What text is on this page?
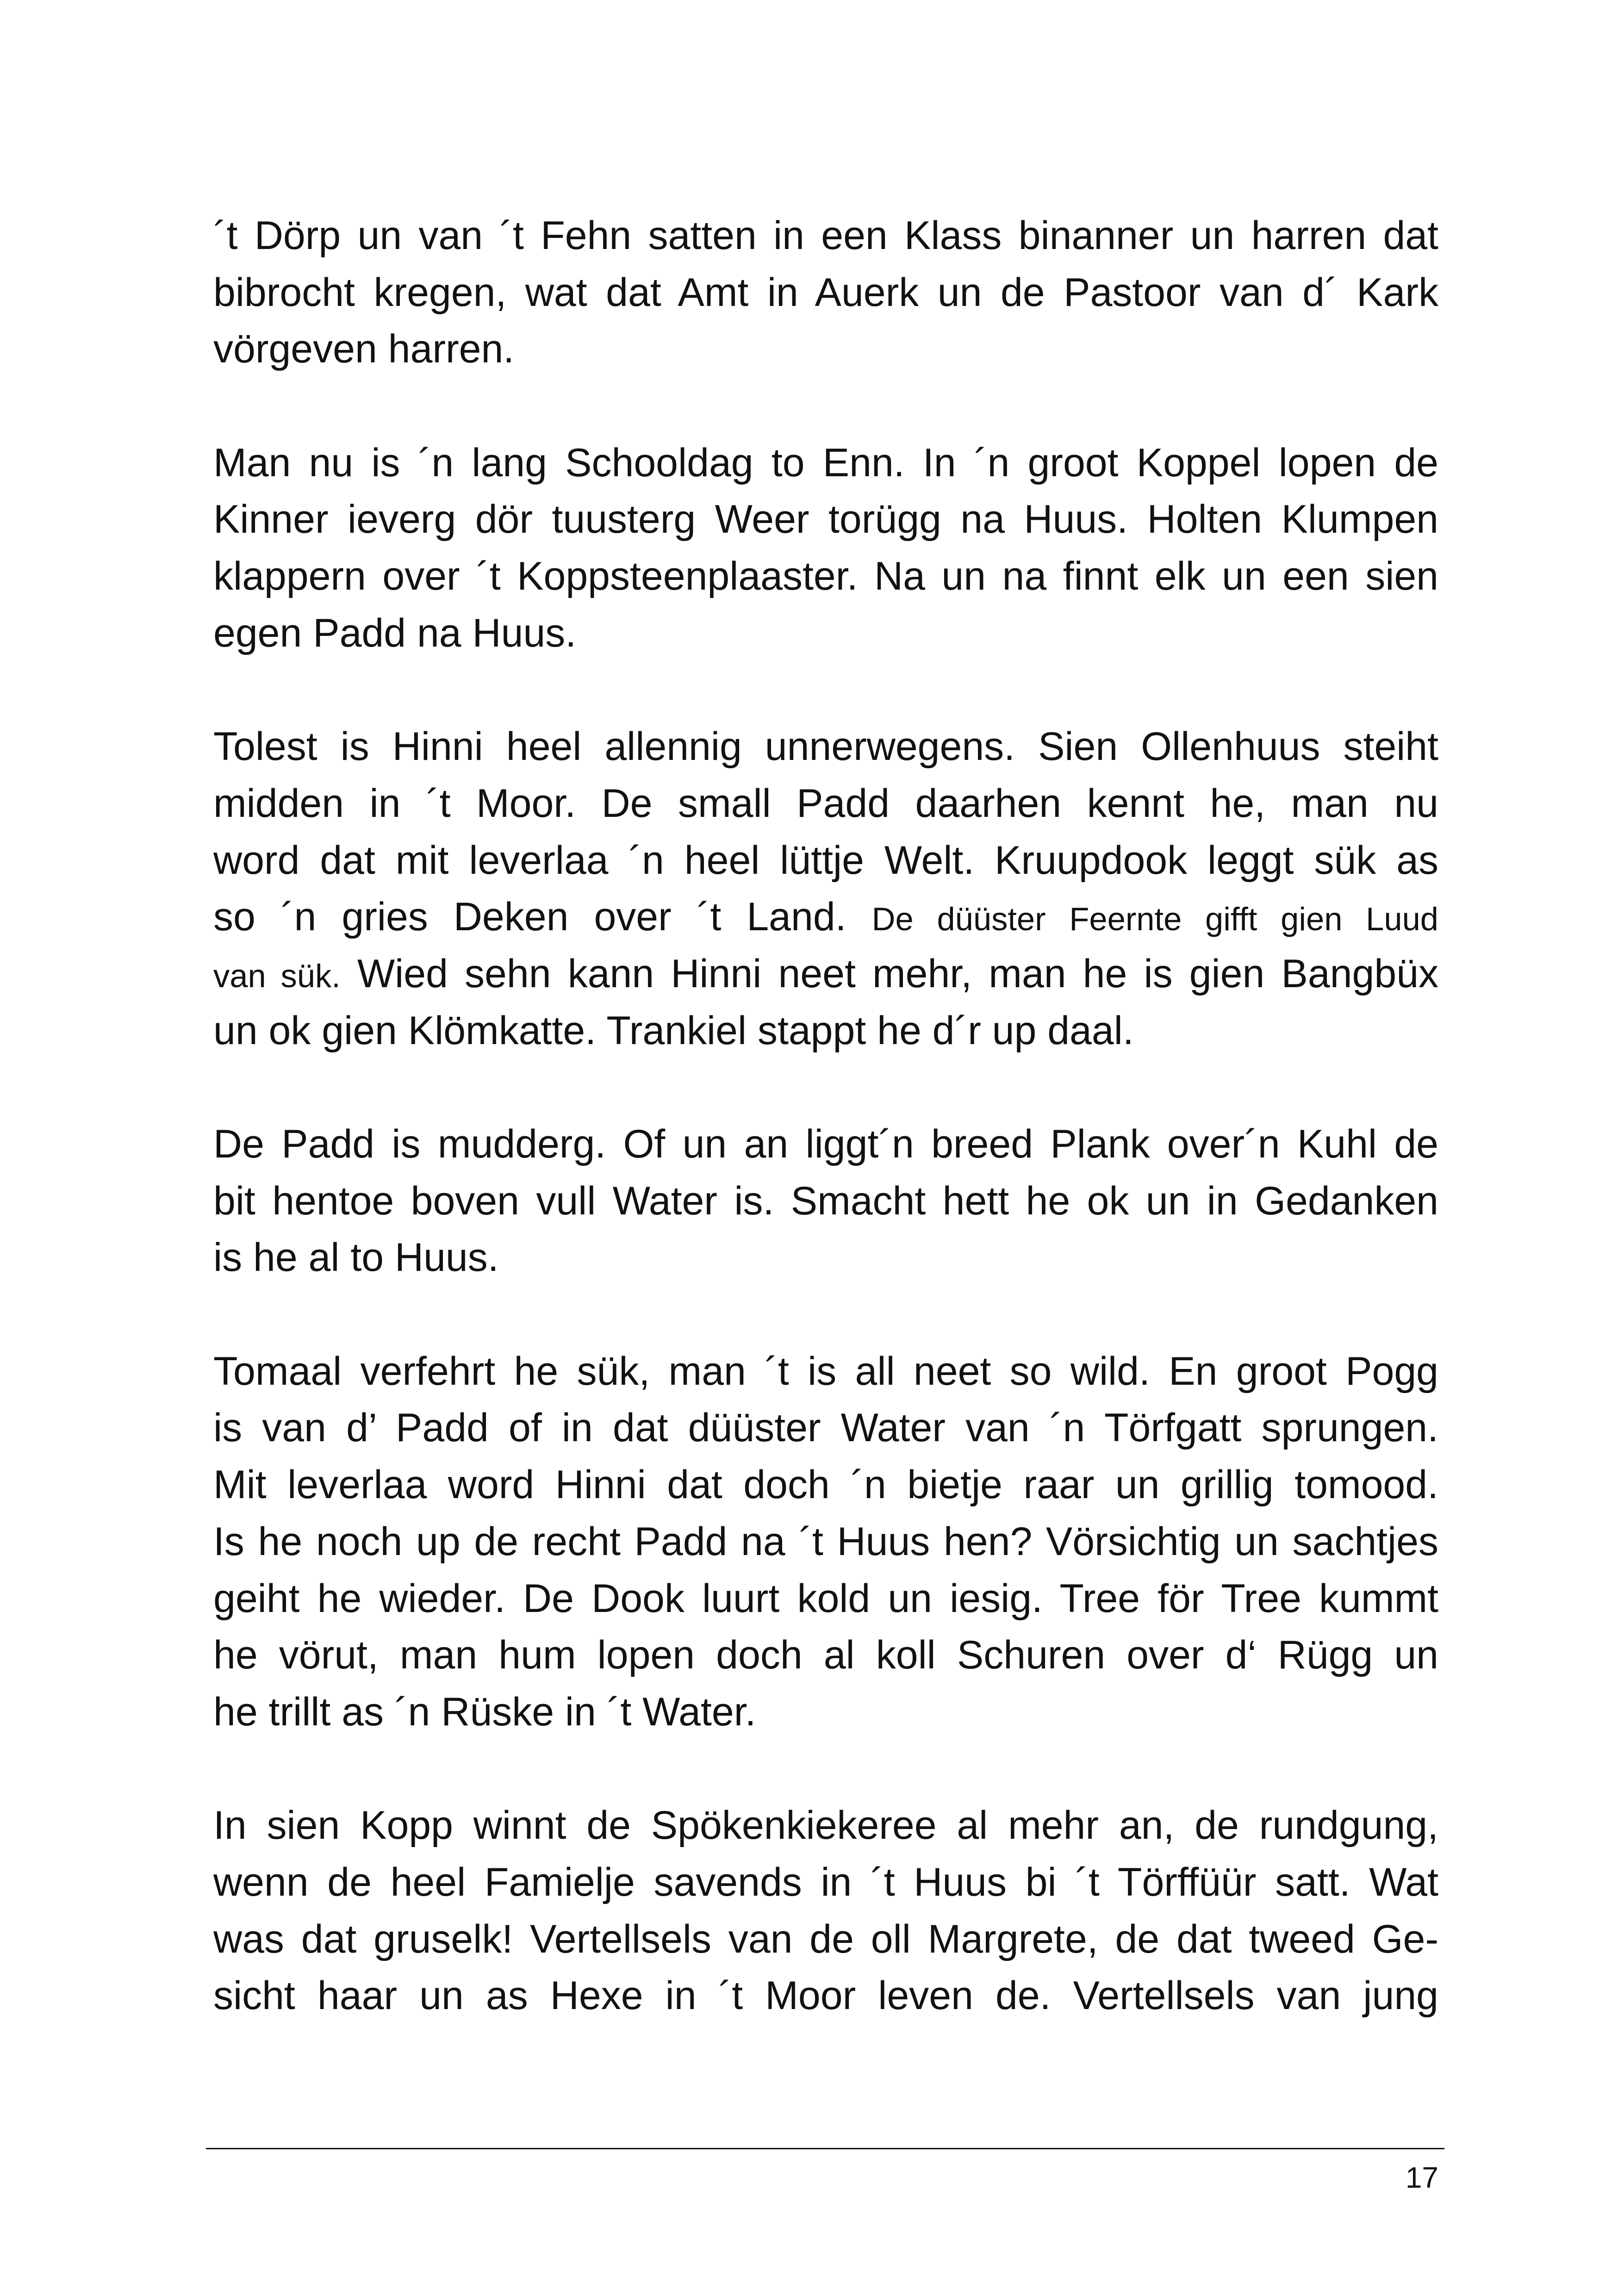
´t Dörp un van ´t Fehn satten in een Klass binanner un harren dat
bibrocht kregen, wat dat Amt in Auerk un de Pastoor van d´ Kark
vörgeven harren.
Man nu is ´n lang Schooldag to Enn. In ´n groot Koppel lopen de
Kinner ieverg dör tuusterg Weer torügg na Huus. Holten Klumpen
klappern over ´t Koppsteenplaaster. Na un na finnt elk un een sien
egen Padd na Huus.
Tolest is Hinni heel allennig unnerwegens. Sien Ollenhuus steiht
midden in ´t Moor. De small Padd daarhen kennt he, man nu
word dat mit leverlaa ´n heel lüttje Welt. Kruupdook leggt sük as
so ´n gries Deken over ´t Land. De düüster Feernte gifft gien Luud
van sük. Wied sehn kann Hinni neet mehr, man he is gien Bangbüx
un ok gien Klömkatte. Trankiel stappt he d´r up daal.
De Padd is mudderg. Of un an liggt´n breed Plank over´n Kuhl de
bit hentoe boven vull Water is. Smacht hett he ok un in Gedanken
is he al to Huus.
Tomaal verfehrt he sük, man ´t is all neet so wild. En groot Pogg
is van d’ Padd of in dat düüster Water van ´n Törfgatt sprungen.
Mit leverlaa word Hinni dat doch ´n bietje raar un grillig tomood.
Is he noch up de recht Padd na ´t Huus hen? Vörsichtig un sachtjes
geiht he wieder. De Dook luurt kold un iesig. Tree för Tree kummt
he vörut, man hum lopen doch al koll Schuren over d‘ Rügg un
he trillt as ´n Rüske in ´t Water.
In sien Kopp winnt de Spökenkiekeree al mehr an, de rundgung,
wenn de heel Famielje savends in ´t Huus bi ´t Törffüür satt. Wat
was dat gruselk! Vertellsels van de oll Margrete, de dat tweed Ge-
sicht haar un as Hexe in ´t Moor leven de. Vertellsels van jung
17
